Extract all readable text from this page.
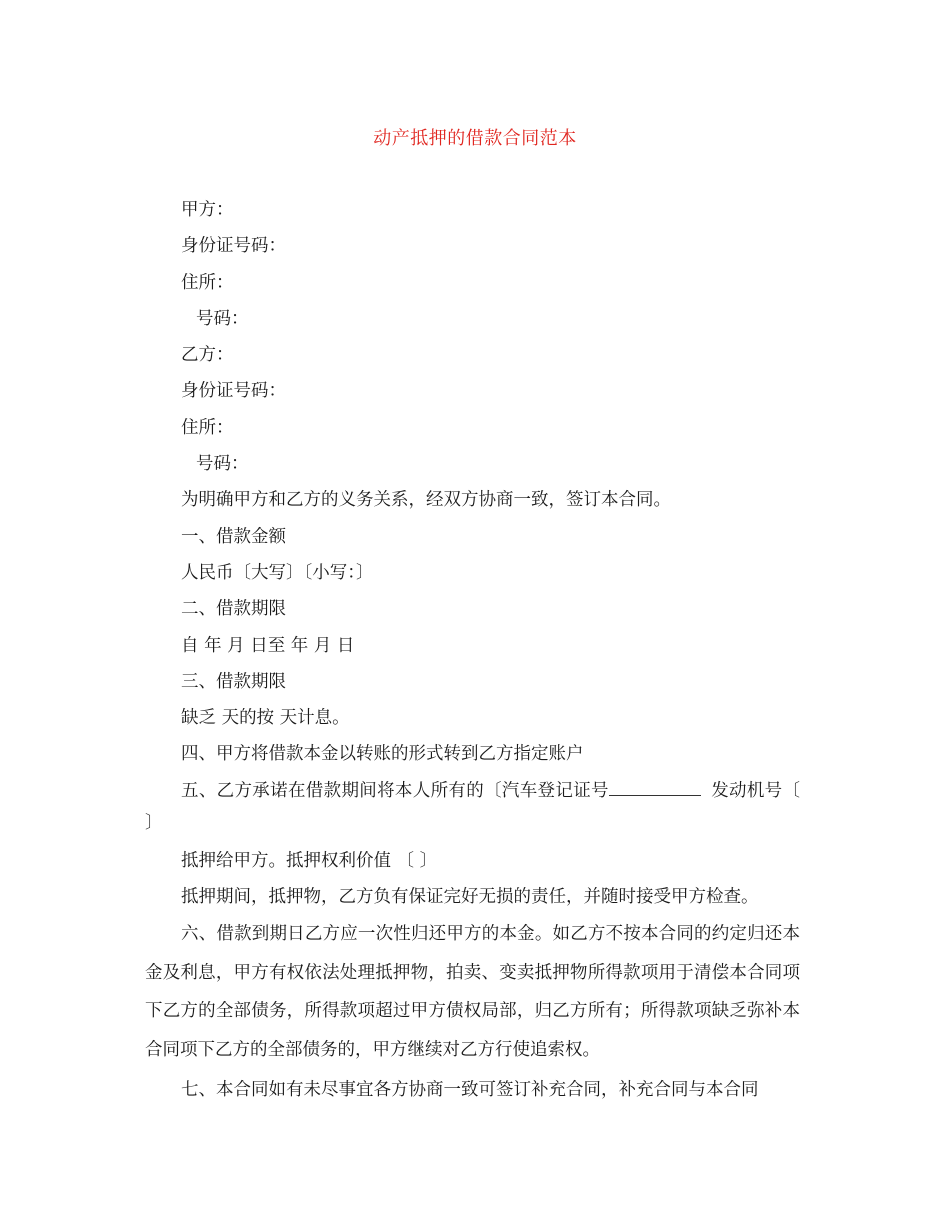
动产抵押的借款合同范本
甲方：
身份证号码：
住所：
号码：
乙方：
身份证号码：
住所：
号码：
为明确甲方和乙方的义务关系，经双方协商一致，签订本合同。
一、借款金额
人民币〔大写〕〔小写：〕
二、借款期限
自 年 月 日至 年 月 日
三、借款期限
缺乏 天的按 天计息。
四、甲方将借款本金以转账的形式转到乙方指定账户
五、乙方承诺在借款期间将本人所有的〔汽车登记证号	发动机号〔 〕
抵押给甲方。抵押权利价值 〔 〕
抵押期间，抵押物，乙方负有保证完好无损的责任，并随时接受甲方检查。
六、借款到期日乙方应一次性归还甲方的本金。如乙方不按本合同的约定归还本金及利息，甲方有权依法处理抵押物，拍卖、变卖抵押物所得款项用于清偿本合同项下乙方的全部债务，所得款项超过甲方债权局部，归乙方所有；所得款项缺乏弥补本合同项下乙方的全部债务的，甲方继续对乙方行使追索权。
七、本合同如有未尽事宜各方协商一致可签订补充合同，补充合同与本合同
